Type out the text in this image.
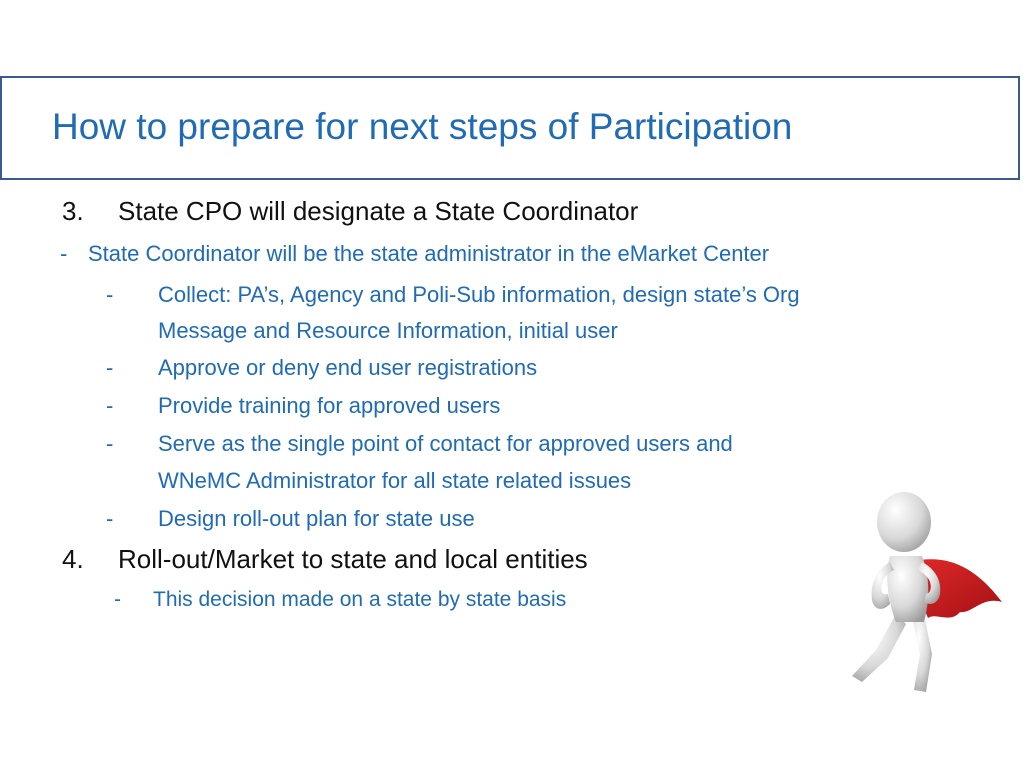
How to prepare for next steps of Participation
3. State CPO will designate a State Coordinator
- State Coordinator will be the state administrator in the eMarket Center
- Collect: PA’s, Agency and Poli-Sub information, design state’s Org
Message and Resource Information, initial user
- Approve or deny end user registrations
- Provide training for approved users
- Serve as the single point of contact for approved users and
WNeMC Administrator for all state related issues
- Design roll-out plan for state use
4. Roll-out/Market to state and local entities
- This decision made on a state by state basis
